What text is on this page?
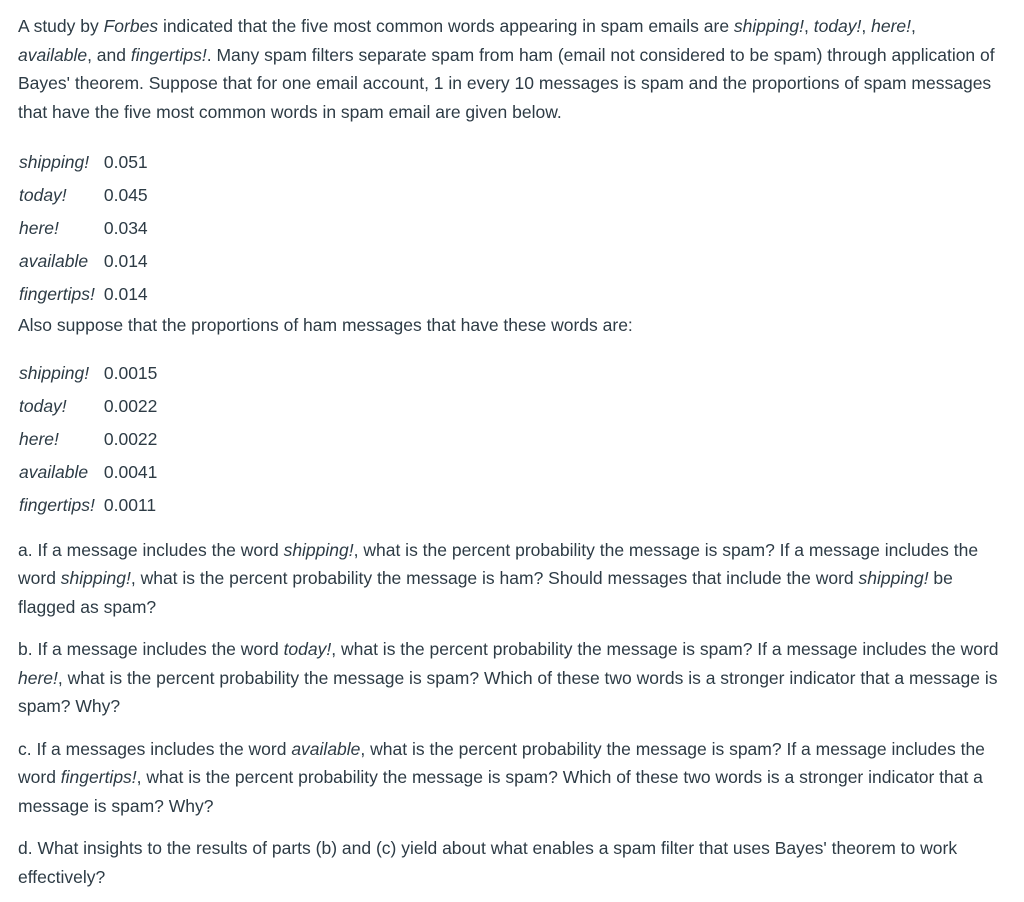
A study by Forbes indicated that the five most common words appearing in spam emails are shipping!, today!, here!,
available, and fingertips!. Many spam filters separate spam from ham (email not considered to be spam) through application of Bayes' theorem. Suppose that for one email account, 1 in every 10 messages is spam and the proportions of spam messages that have the five most common words in spam email are given below.

shipping!	0.051
today!	0.045
here!	0.034
available	0.014
fingertips!	0.014

Also suppose that the proportions of ham messages that have these words are:

shipping!	0.0015
today!	0.0022
here!	0.0022
available	0.0041
fingertips!	0.0011

a. If a message includes the word shipping!, what is the percent probability the message is spam? If a message includes the word shipping!, what is the percent probability the message is ham? Should messages that include the word shipping! be flagged as spam?

b. If a message includes the word today!, what is the percent probability the message is spam? If a message includes the word here!, what is the percent probability the message is spam? Which of these two words is a stronger indicator that a message is spam? Why?

c. If a messages includes the word available, what is the percent probability the message is spam? If a message includes the word fingertips!, what is the percent probability the message is spam? Which of these two words is a stronger indicator that a message is spam? Why?

d. What insights to the results of parts (b) and (c) yield about what enables a spam filter that uses Bayes' theorem to work effectively?
